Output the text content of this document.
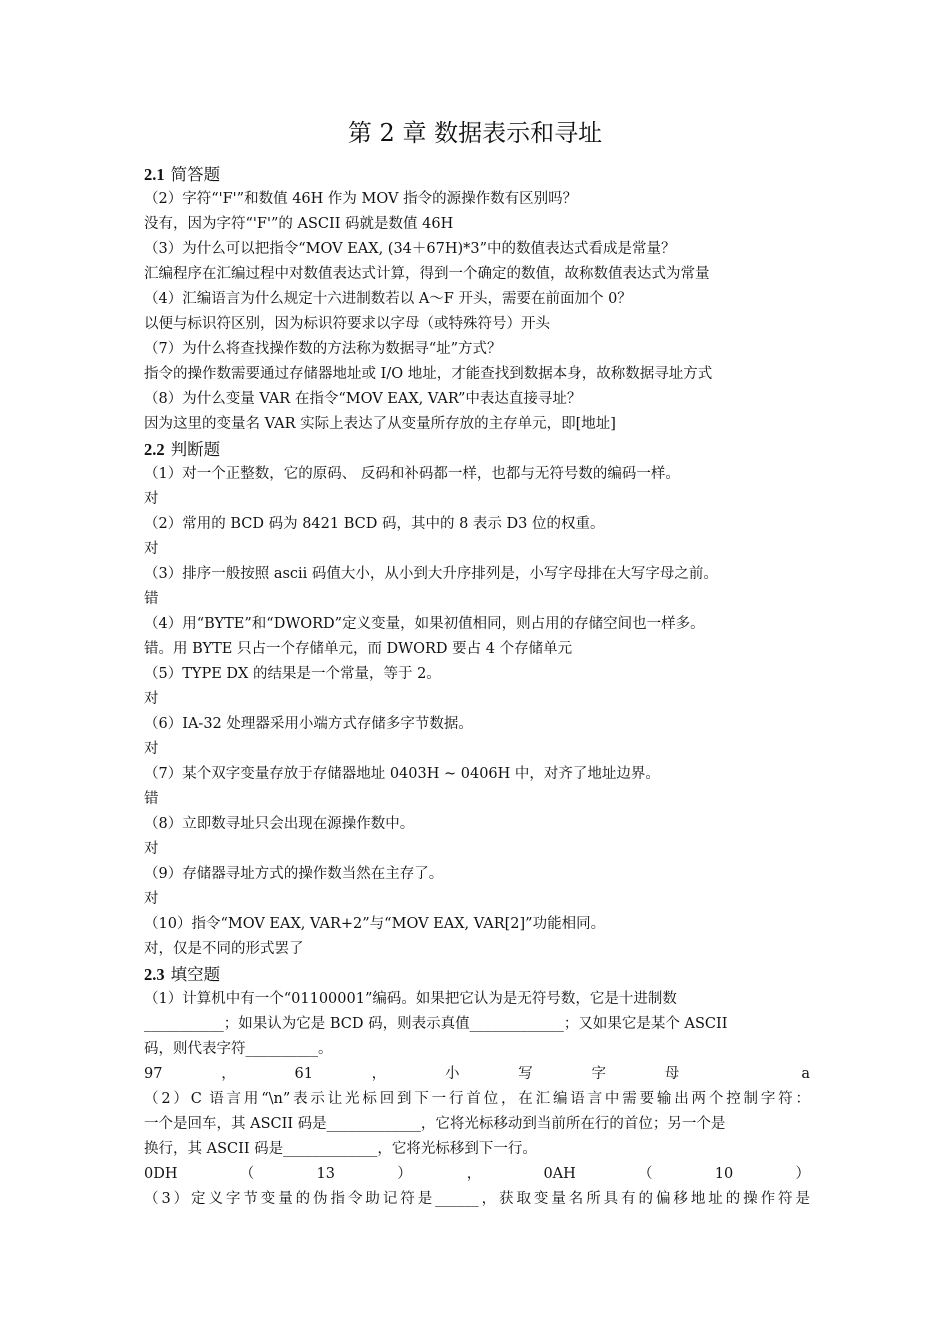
第 2 章 数据表示和寻址
2.1 简答题
（2）字符“'F'”和数值 46H 作为 MOV 指令的源操作数有区别吗？
没有，因为字符“'F'”的 ASCII 码就是数值 46H
（3）为什么可以把指令“MOV EAX, (34＋67H)*3”中的数值表达式看成是常量？
汇编程序在汇编过程中对数值表达式计算，得到一个确定的数值，故称数值表达式为常量
（4）汇编语言为什么规定十六进制数若以 A～F 开头，需要在前面加个 0？
以便与标识符区别，因为标识符要求以字母（或特殊符号）开头
（7）为什么将查找操作数的方法称为数据寻“址”方式？
指令的操作数需要通过存储器地址或 I/O 地址，才能查找到数据本身，故称数据寻址方式
（8）为什么变量 VAR 在指令“MOV EAX, VAR”中表达直接寻址？
因为这里的变量名 VAR 实际上表达了从变量所存放的主存单元，即[地址]
2.2 判断题
（1）对一个正整数，它的原码、 反码和补码都一样，也都与无符号数的编码一样。
对
（2）常用的 BCD 码为 8421 BCD 码，其中的 8 表示 D3 位的权重。
对
（3）排序一般按照 ascii 码值大小，从小到大升序排列是，小写字母排在大写字母之前。
错
（4）用“BYTE”和“DWORD”定义变量，如果初值相同，则占用的存储空间也一样多。
错。用 BYTE 只占一个存储单元，而 DWORD 要占 4 个存储单元
（5）TYPE DX 的结果是一个常量，等于 2。
对
（6）IA-32 处理器采用小端方式存储多字节数据。
对
（7）某个双字变量存放于存储器地址 0403H ~ 0406H 中，对齐了地址边界。
错
（8）立即数寻址只会出现在源操作数中。
对
（9）存储器寻址方式的操作数当然在主存了。
对
（10）指令“MOV EAX, VAR+2”与“MOV EAX, VAR[2]”功能相同。
对，仅是不同的形式罢了
2.3 填空题
（1）计算机中有一个“01100001”编码。如果把它认为是无符号数，它是十进制数
___________；如果认为它是 BCD 码，则表示真值_____________；又如果它是某个 ASCII
码，则代表字符__________。
97，61，小写字母 a
（2）C 语言用“\n”表示让光标回到下一行首位，在汇编语言中需要输出两个控制字符：
一个是回车，其 ASCII 码是_____________，它将光标移动到当前所在行的首位；另一个是
换行，其 ASCII 码是_____________，它将光标移到下一行。
0DH（13），0AH（10）
（3）定义字节变量的伪指令助记符是______，获取变量名所具有的偏移地址的操作符是
